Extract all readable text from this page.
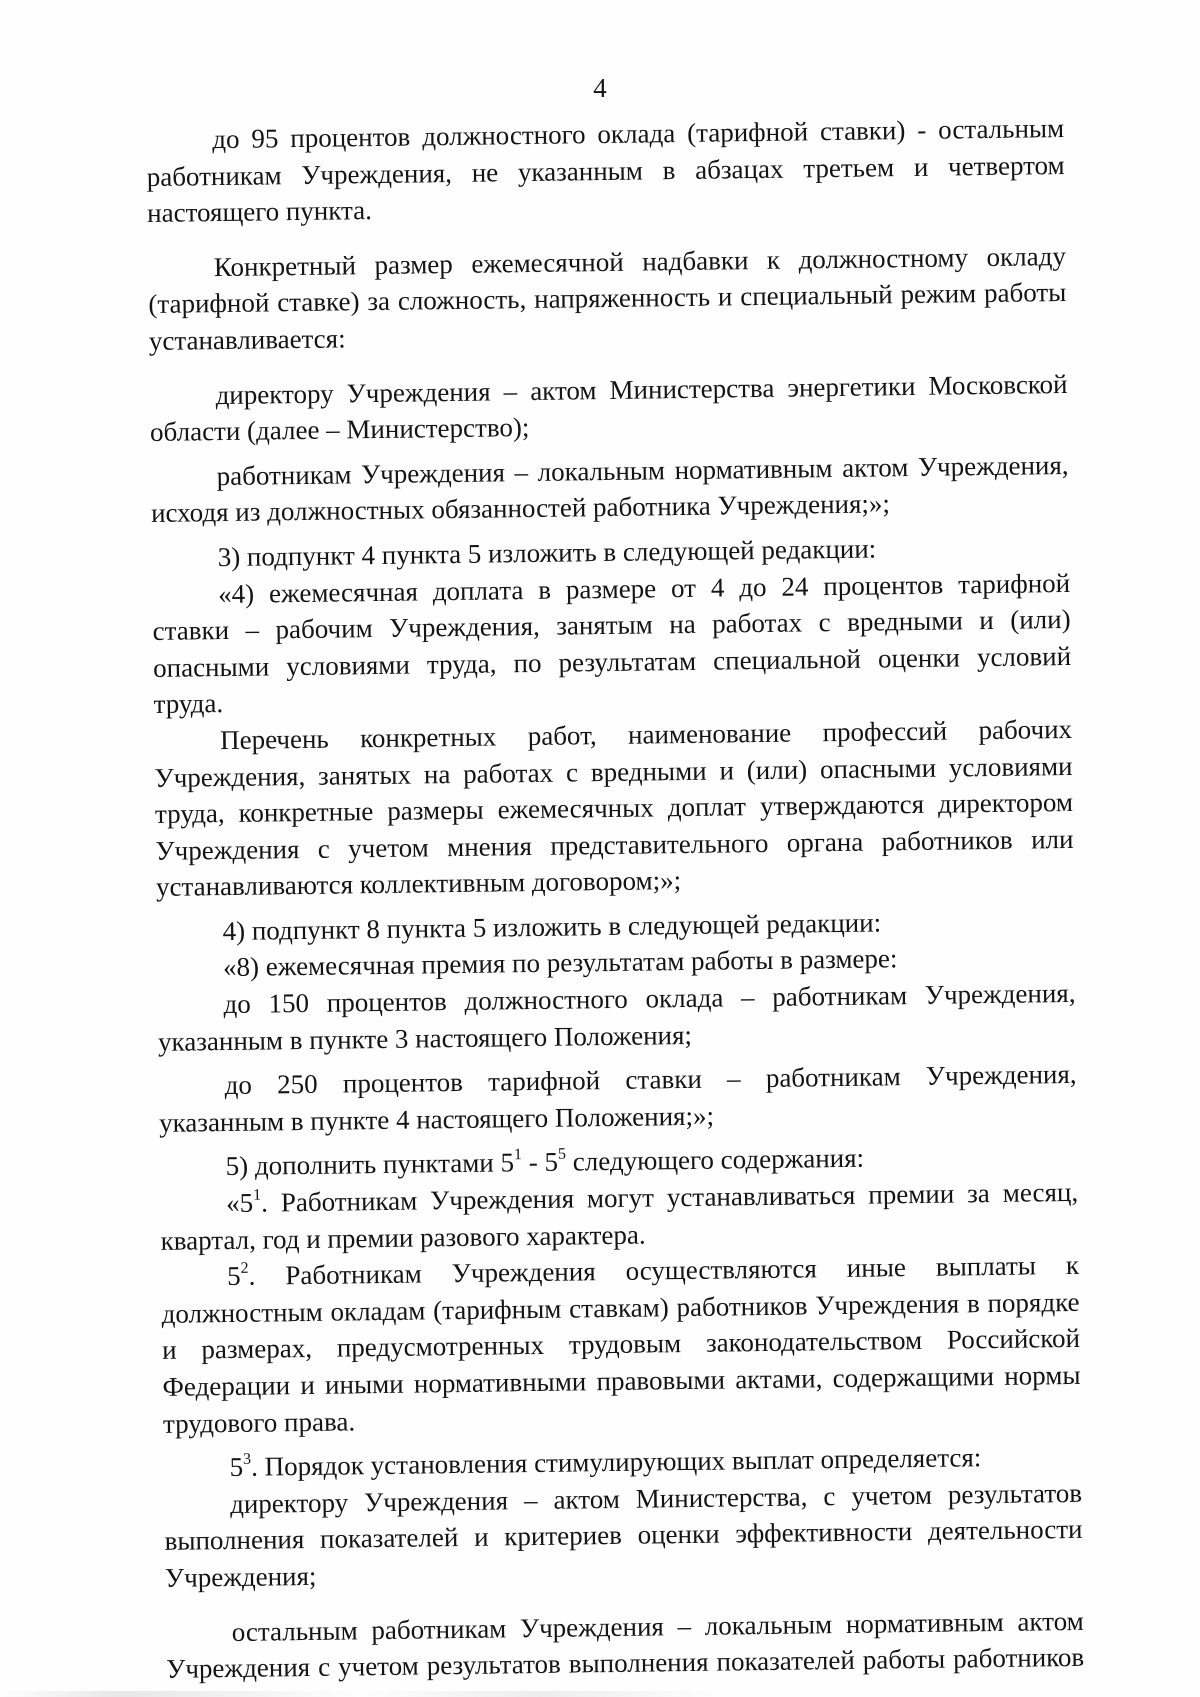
4

до 95 процентов должностного оклада (тарифной ставки) - остальным работникам Учреждения, не указанным в абзацах третьем и четвертом настоящего пункта.

Конкретный размер ежемесячной надбавки к должностному окладу (тарифной ставке) за сложность, напряженность и специальный режим работы устанавливается:

директору Учреждения – актом Министерства энергетики Московской области (далее – Министерство);

работникам Учреждения – локальным нормативным актом Учреждения, исходя из должностных обязанностей работника Учреждения;»;

3) подпункт 4 пункта 5 изложить в следующей редакции:

«4) ежемесячная доплата в размере от 4 до 24 процентов тарифной ставки – рабочим Учреждения, занятым на работах с вредными и (или) опасными условиями труда, по результатам специальной оценки условий труда.

Перечень конкретных работ, наименование профессий рабочих Учреждения, занятых на работах с вредными и (или) опасными условиями труда, конкретные размеры ежемесячных доплат утверждаются директором Учреждения с учетом мнения представительного органа работников или устанавливаются коллективным договором;»;

4) подпункт 8 пункта 5 изложить в следующей редакции:

«8) ежемесячная премия по результатам работы в размере:

до 150 процентов должностного оклада – работникам Учреждения, указанным в пункте 3 настоящего Положения;

до 250 процентов тарифной ставки – работникам Учреждения, указанным в пункте 4 настоящего Положения;»;

5) дополнить пунктами $5^1 - 5^5$ следующего содержания:

«$5^1$. Работникам Учреждения могут устанавливаться премии за месяц, квартал, год и премии разового характера.

$5^2$. Работникам Учреждения осуществляются иные выплаты к должностным окладам (тарифным ставкам) работников Учреждения в порядке и размерах, предусмотренных трудовым законодательством Российской Федерации и иными нормативными правовыми актами, содержащими нормы трудового права.

$5^3$. Порядок установления стимулирующих выплат определяется:

директору Учреждения – актом Министерства, с учетом результатов выполнения показателей и критериев оценки эффективности деятельности Учреждения;

остальным работникам Учреждения – локальным нормативным актом Учреждения с учетом результатов выполнения показателей работы работников
